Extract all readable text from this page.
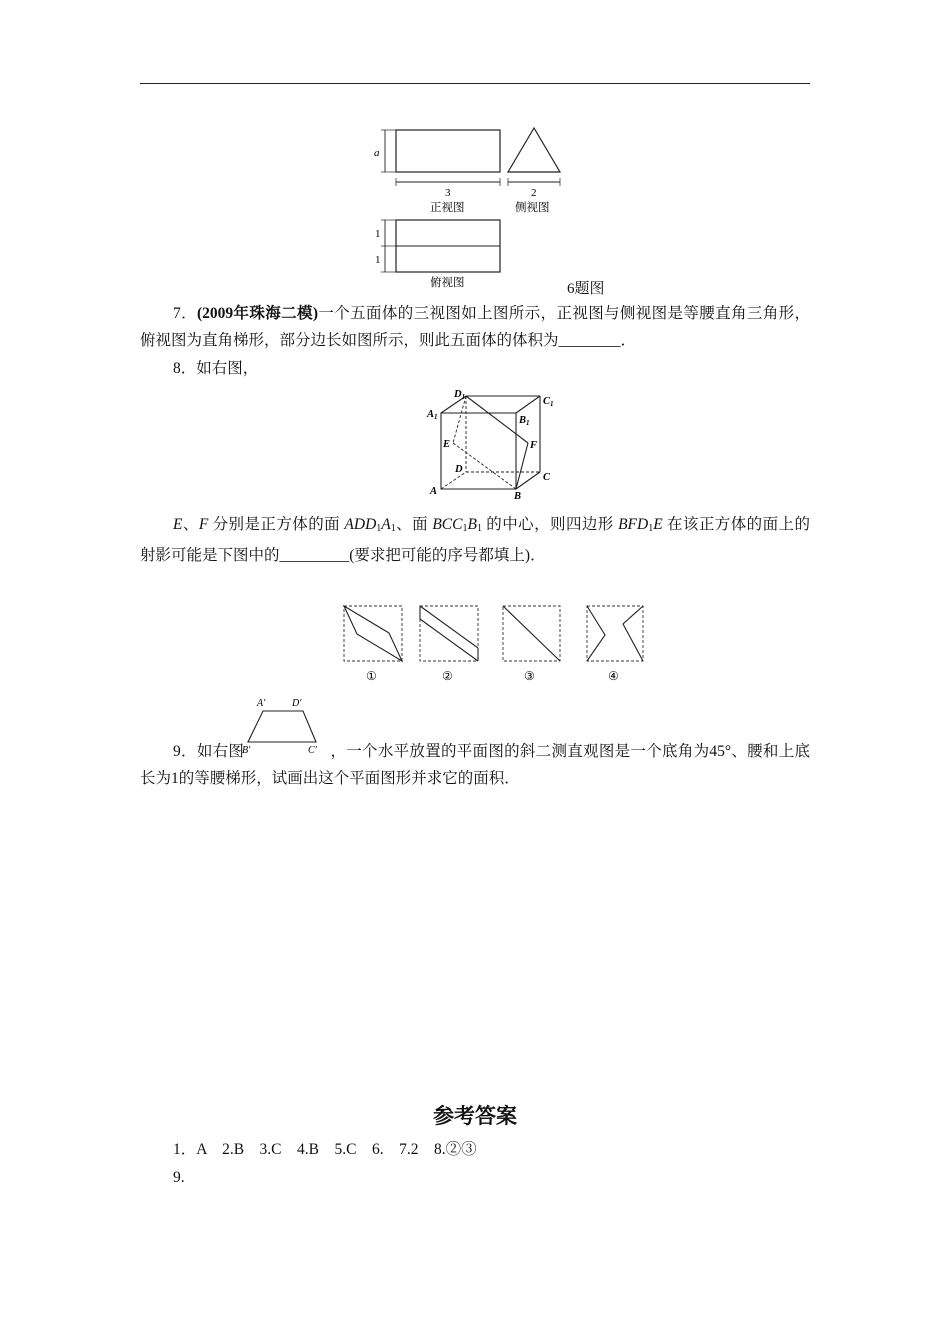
a
3
正视图
2
侧视图
1
1
俯视图	6题图
7．(2009年珠海二模)一个五面体的三视图如上图所示，正视图与侧视图是等腰直角三角形，俯视图为直角梯形，部分边长如图所示，则此五面体的体积为________．
8．如右图，
A1
D1	C1
B1
E	F
D
C
A	B
E、F 分别是正方体的面 $ADD_1A_1$、面 $BCC_1B_1$ 的中心，则四边形 $BFD_1E$ 在该正方体的面上的射影可能是下图中的_________(要求把可能的序号都填上)．
①	②	③	④
A′	D′
B′	C′
9．如右图	，一个水平放置的平面图的斜二测直观图是一个底角为45°、腰和上底长为1的等腰梯形，试画出这个平面图形并求它的面积．
参考答案
1．A　2.B　3.C　4.B　5.C　6.　7.2　8.②③
9.
